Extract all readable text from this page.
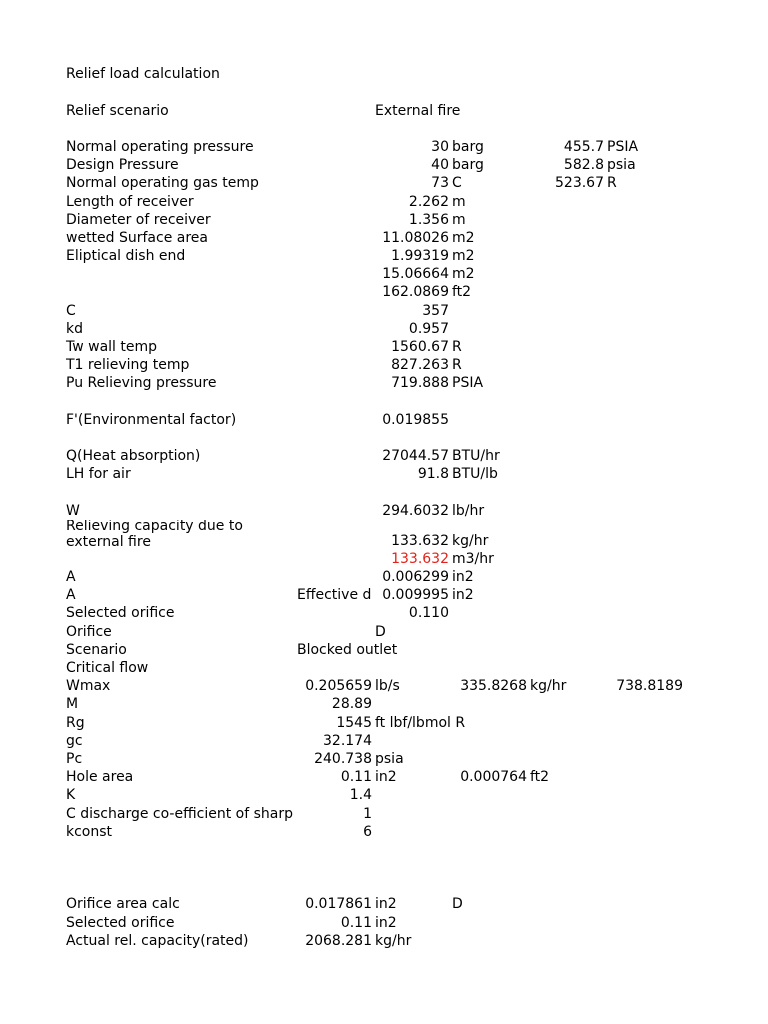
Relief load calculation
Relief scenario	External fire
Normal operating pressure	30 barg	455.7 PSIA
Design Pressure	40 barg	582.8 psia
Normal operating gas temp	73 C	523.67 R
Length of receiver	2.262 m
Diameter of receiver	1.356 m
wetted Surface area	11.08026 m2
Eliptical dish end	1.99319 m2
15.06664 m2
162.0869 ft2
C	357
kd	0.957
Tw wall temp	1560.67 R
T1 relieving temp	827.263 R
Pu Relieving pressure	719.888 PSIA
F'(Environmental factor)	0.019855
Q(Heat absorption)	27044.57 BTU/hr
LH for air	91.8 BTU/lb
W	294.6032 lb/hr
Relieving capacity due to
external fire	133.632 kg/hr
133.632 m3/hr
A	0.006299 in2
A	Effective d 0.009995 in2
Selected orifice	0.110
Orifice	D
Scenario	Blocked outlet
Critical flow
Wmax	0.205659 lb/s	335.8268 kg/hr	738.8189
M	28.89
Rg	1545 ft lbf/lbmol R
gc	32.174
Pc	240.738 psia
Hole area	0.11 in2	0.000764 ft2
K	1.4
C discharge co-efficient of sharp	1
kconst	6
Orifice area calc	0.017861 in2	D
Selected orifice	0.11 in2
Actual rel. capacity(rated)	2068.281 kg/hr
